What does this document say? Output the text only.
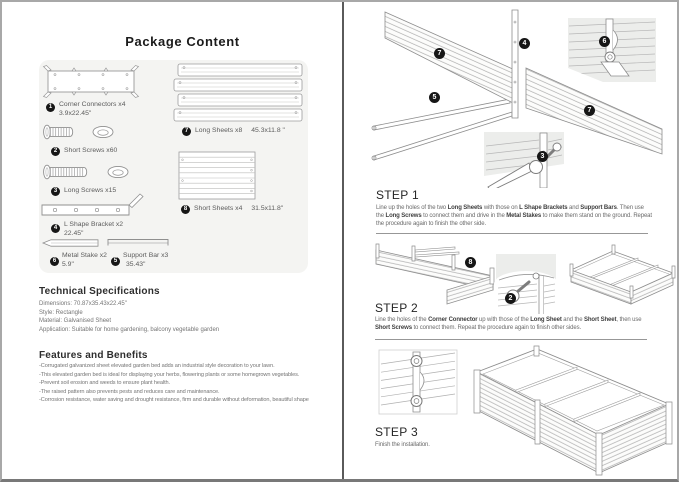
Package Content
1	Corner Connectors x4
3.9x22.45"
2	Short Screws x60
3	Long Screws x15
4	L Shape Bracket x2
22.45"
6
Metal Stake x2
5.9"	5
Support Bar x3
35.43"
7	Long Sheets x8 45.3x11.8 "
8	Short Sheets x4 31.5x11.8"
Technical Specifications
Dimensions: 70.87x35.43x22.45"
Style: Rectangle
Material: Galvanised Sheet
Application: Suitable for home gardening, balcony vegetable garden
Features and Benefits
-Corrugated galvanized sheet elevated garden bed adds an industrial style decoration to your lawn.
-This elevated garden bed is ideal for displaying your herbs, flowering plants or some homegrown vegetables.
-Prevent soil erosion and weeds to ensure plant health.
-The raised pattern also prevents pests and reduces care and maintenance.
-Corrosion resistance, water saving and drought resistance, firm and durable without deformation, beautiful shape
7
4
5
7
3
6
STEP 1
Line up the holes of the two Long Sheets with those on L Shape Brackets and Support Bars. Then use the Long Screws to connect them and drive in the Metal Stakes to make them stand on the ground. Repeat the procedure again to finish the other side.
8
2
STEP 2
Line the holes of the Corner Connector up with those of the Long Sheet and the Short Sheet, then use Short Screws to connect them. Repeat the procedure again to finish other sides.
STEP 3
Finish the installation.
